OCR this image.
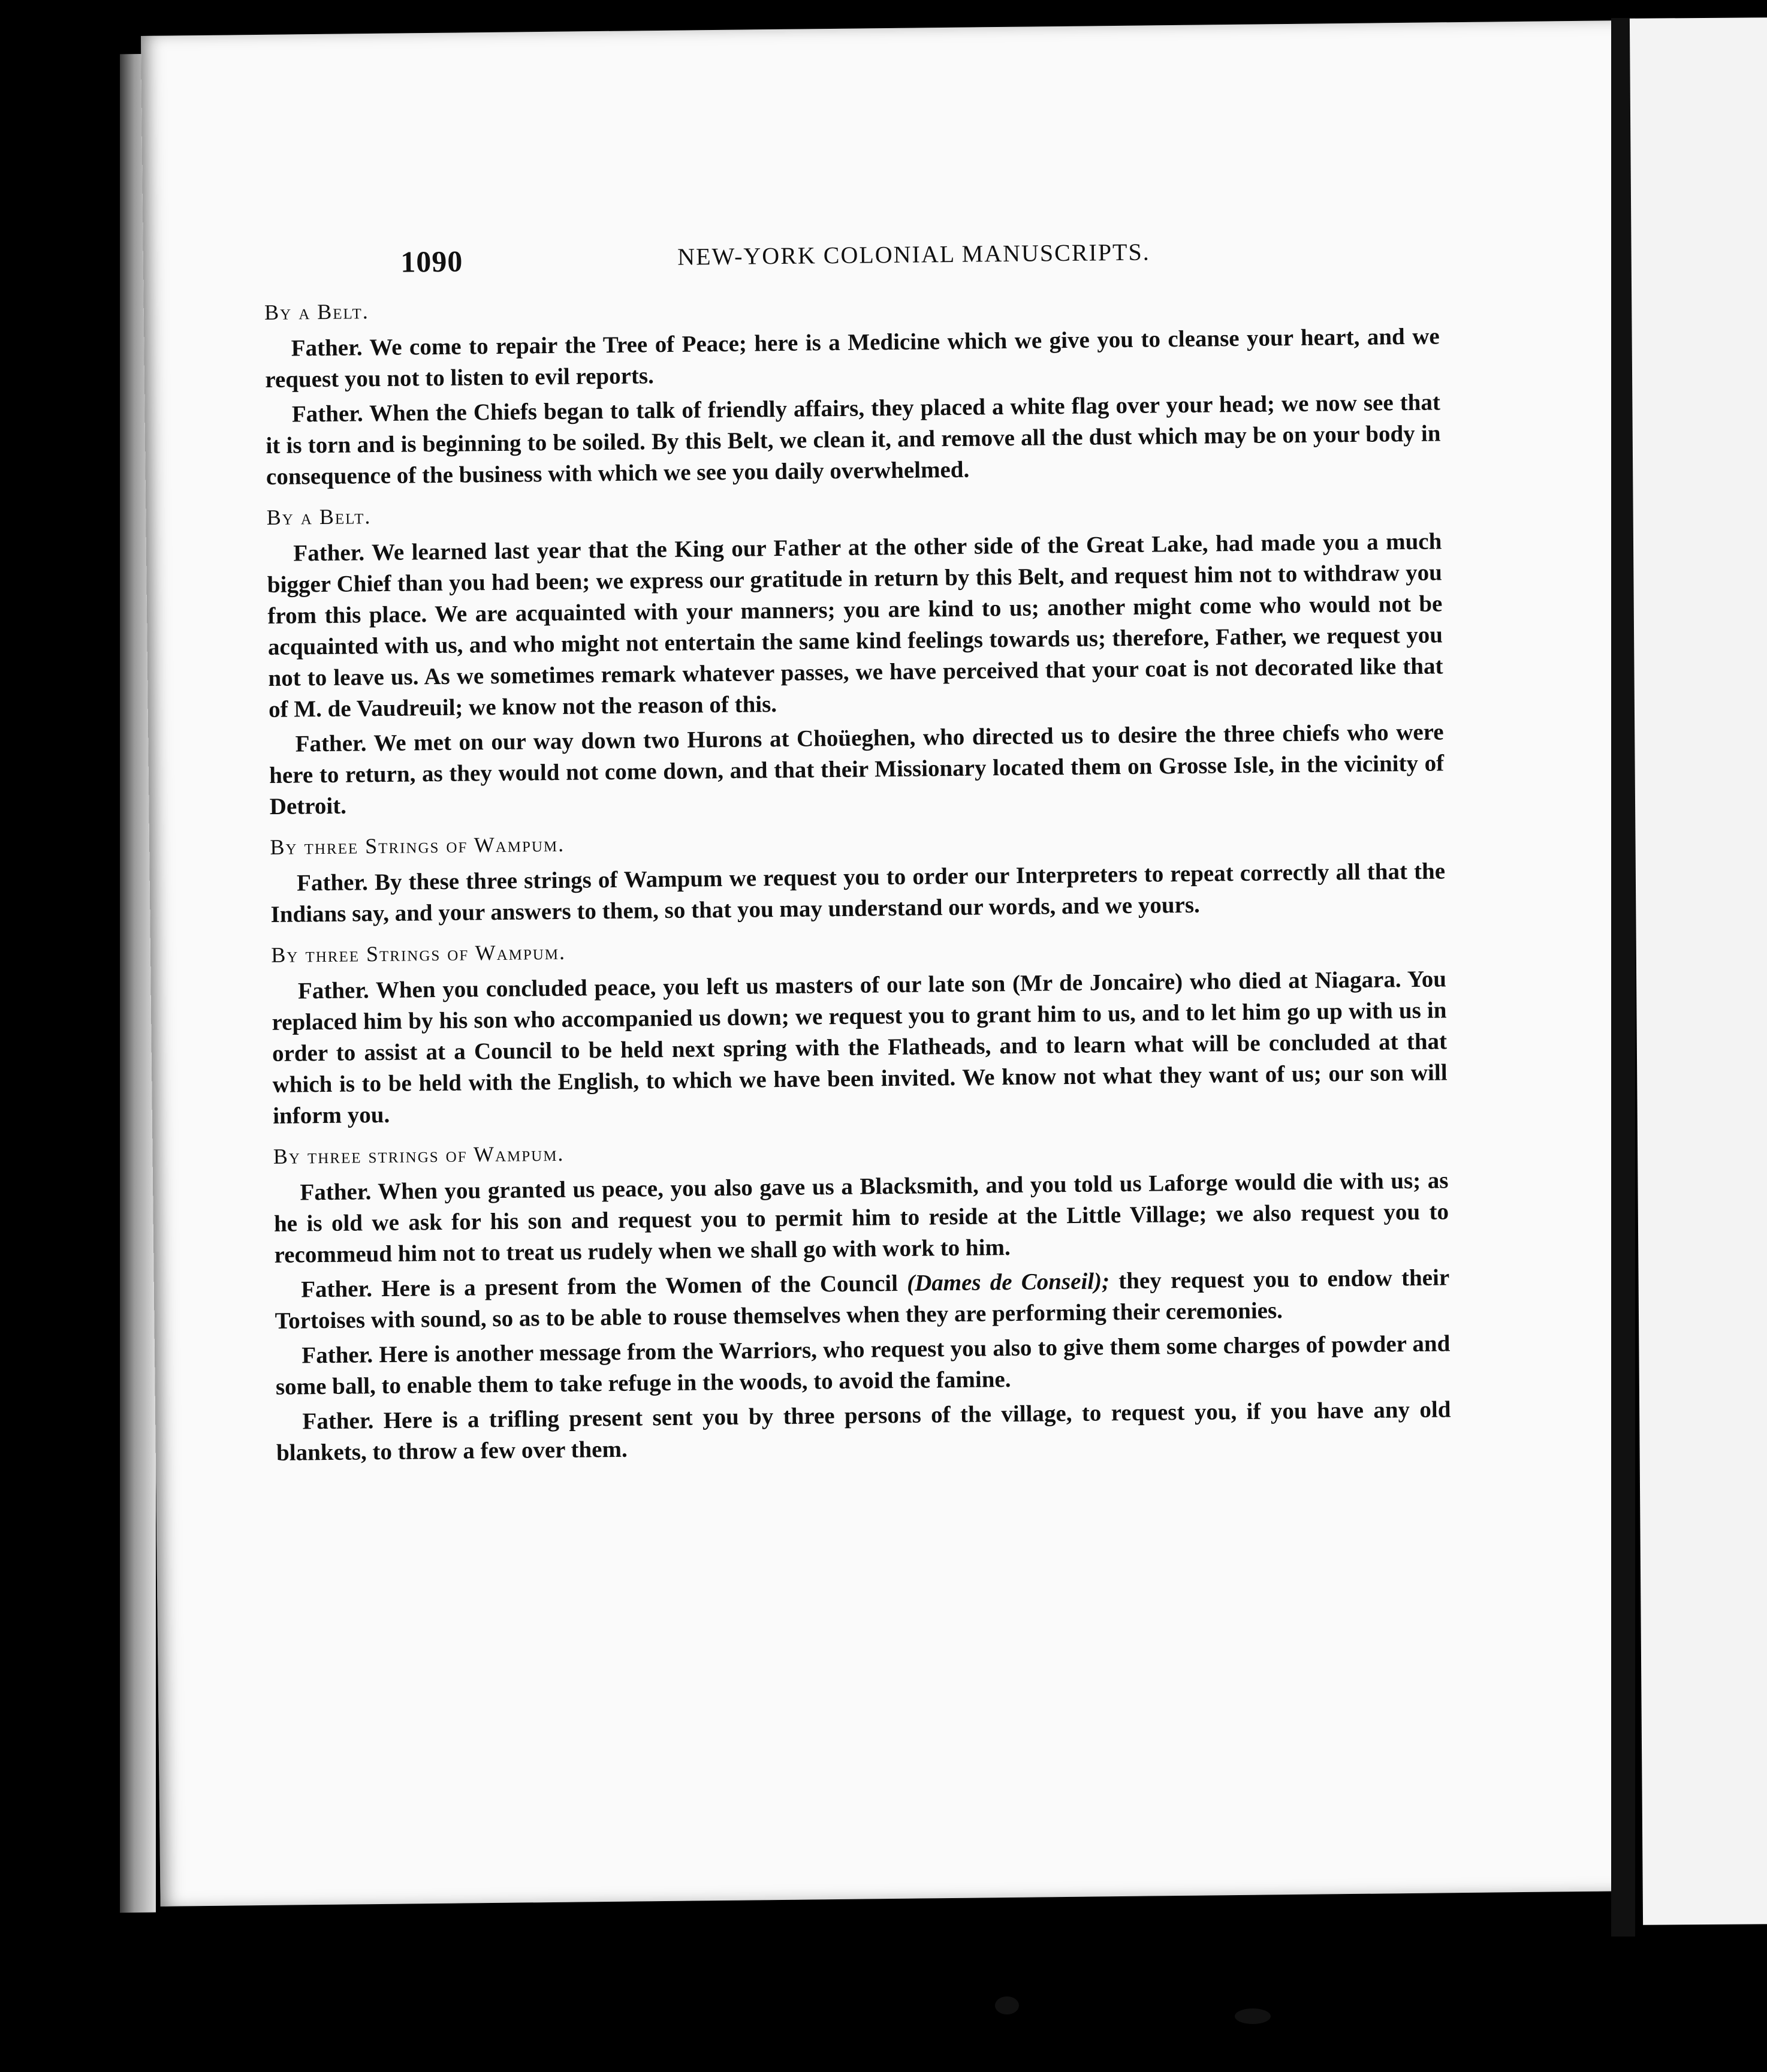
1090	NEW-YORK COLONIAL MANUSCRIPTS.
By a Belt.

Father. We come to repair the Tree of Peace; here is a Medicine which we give you to cleanse your heart, and we request you not to listen to evil reports.

Father. When the Chiefs began to talk of friendly affairs, they placed a white flag over your head; we now see that it is torn and is beginning to be soiled. By this Belt, we clean it, and remove all the dust which may be on your body in consequence of the business with which we see you daily overwhelmed.

By a Belt.

Father. We learned last year that the King our Father at the other side of the Great Lake, had made you a much bigger Chief than you had been; we express our gratitude in return by this Belt, and request him not to withdraw you from this place. We are acquainted with your manners; you are kind to us; another might come who would not be acquainted with us, and who might not entertain the same kind feelings towards us; therefore, Father, we request you not to leave us. As we sometimes remark whatever passes, we have perceived that your coat is not decorated like that of M. de Vaudreuil; we know not the reason of this.

Father. We met on our way down two Hurons at Choüeghen, who directed us to desire the three chiefs who were here to return, as they would not come down, and that their Missionary located them on Grosse Isle, in the vicinity of Detroit.

By three Strings of Wampum.

Father. By these three strings of Wampum we request you to order our Interpreters to repeat correctly all that the Indians say, and your answers to them, so that you may understand our words, and we yours.

By three Strings of Wampum.

Father. When you concluded peace, you left us masters of our late son (Mr de Joncaire) who died at Niagara. You replaced him by his son who accompanied us down; we request you to grant him to us, and to let him go up with us in order to assist at a Council to be held next spring with the Flatheads, and to learn what will be concluded at that which is to be held with the English, to which we have been invited. We know not what they want of us; our son will inform you.

By three strings of Wampum.

Father. When you granted us peace, you also gave us a Blacksmith, and you told us Laforge would die with us; as he is old we ask for his son and request you to permit him to reside at the Little Village; we also request you to recommeud him not to treat us rudely when we shall go with work to him.

Father. Here is a present from the Women of the Council (Dames de Conseil); they request you to endow their Tortoises with sound, so as to be able to rouse themselves when they are performing their ceremonies.

Father. Here is another message from the Warriors, who request you also to give them some charges of powder and some ball, to enable them to take refuge in the woods, to avoid the famine.

Father. Here is a trifling present sent you by three persons of the village, to request you, if you have any old blankets, to throw a few over them.
